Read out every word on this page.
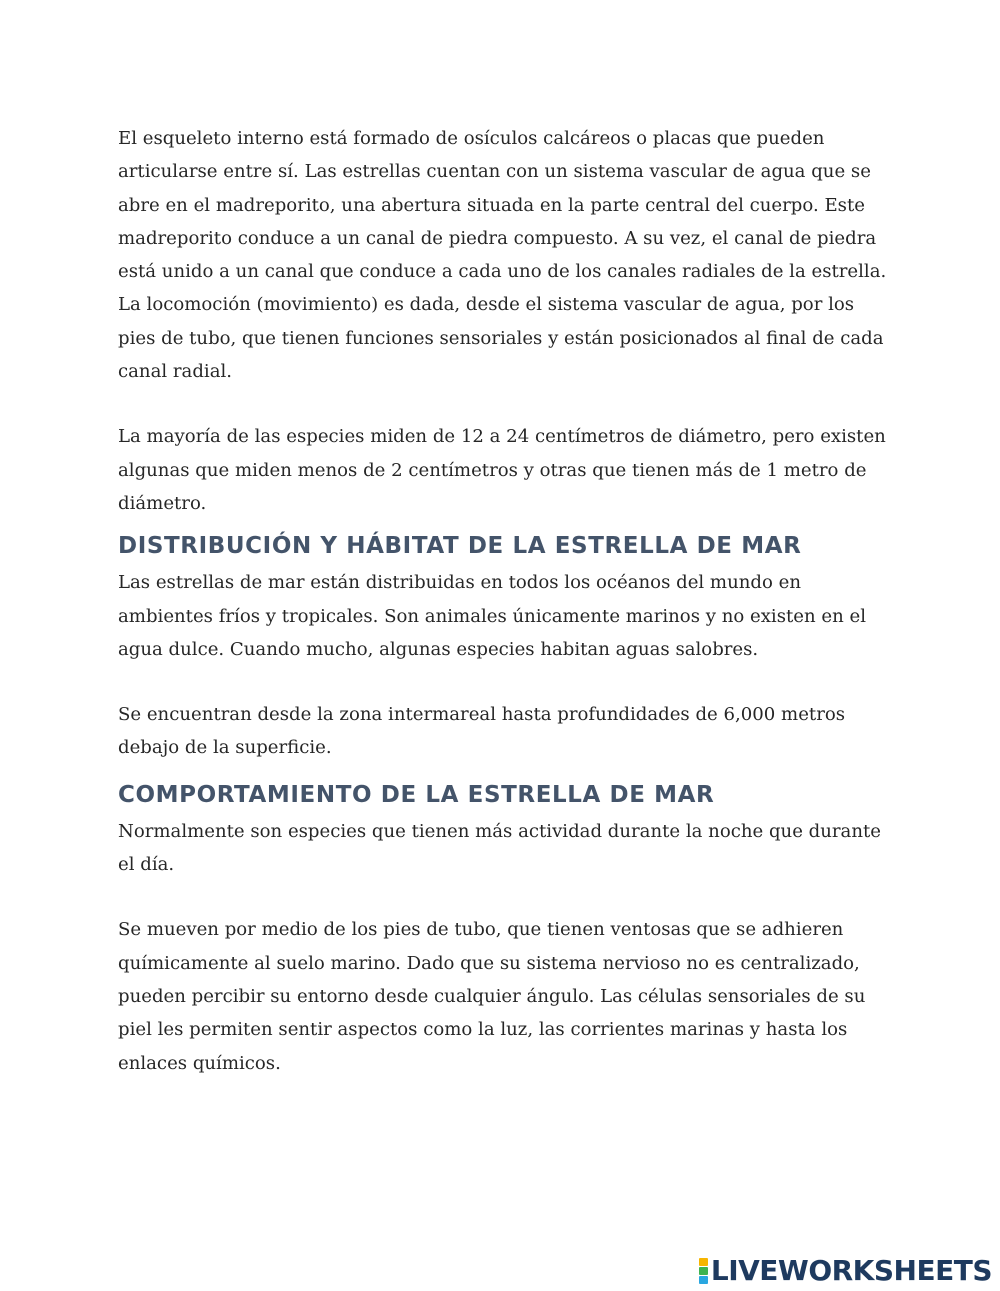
El esqueleto interno está formado de osículos calcáreos o placas que pueden articularse entre sí. Las estrellas cuentan con un sistema vascular de agua que se abre en el madreporito, una abertura situada en la parte central del cuerpo. Este madreporito conduce a un canal de piedra compuesto. A su vez, el canal de piedra está unido a un canal que conduce a cada uno de los canales radiales de la estrella. La locomoción (movimiento) es dada, desde el sistema vascular de agua, por los pies de tubo, que tienen funciones sensoriales y están posicionados al final de cada canal radial.

La mayoría de las especies miden de 12 a 24 centímetros de diámetro, pero existen algunas que miden menos de 2 centímetros y otras que tienen más de 1 metro de diámetro.

DISTRIBUCIÓN Y HÁBITAT DE LA ESTRELLA DE MAR

Las estrellas de mar están distribuidas en todos los océanos del mundo en ambientes fríos y tropicales. Son animales únicamente marinos y no existen en el agua dulce. Cuando mucho, algunas especies habitan aguas salobres.

Se encuentran desde la zona intermareal hasta profundidades de 6,000 metros debajo de la superficie.

COMPORTAMIENTO DE LA ESTRELLA DE MAR

Normalmente son especies que tienen más actividad durante la noche que durante el día.

Se mueven por medio de los pies de tubo, que tienen ventosas que se adhieren químicamente al suelo marino. Dado que su sistema nervioso no es centralizado, pueden percibir su entorno desde cualquier ángulo. Las células sensoriales de su piel les permiten sentir aspectos como la luz, las corrientes marinas y hasta los enlaces químicos.

LIVEWORKSHEETS
